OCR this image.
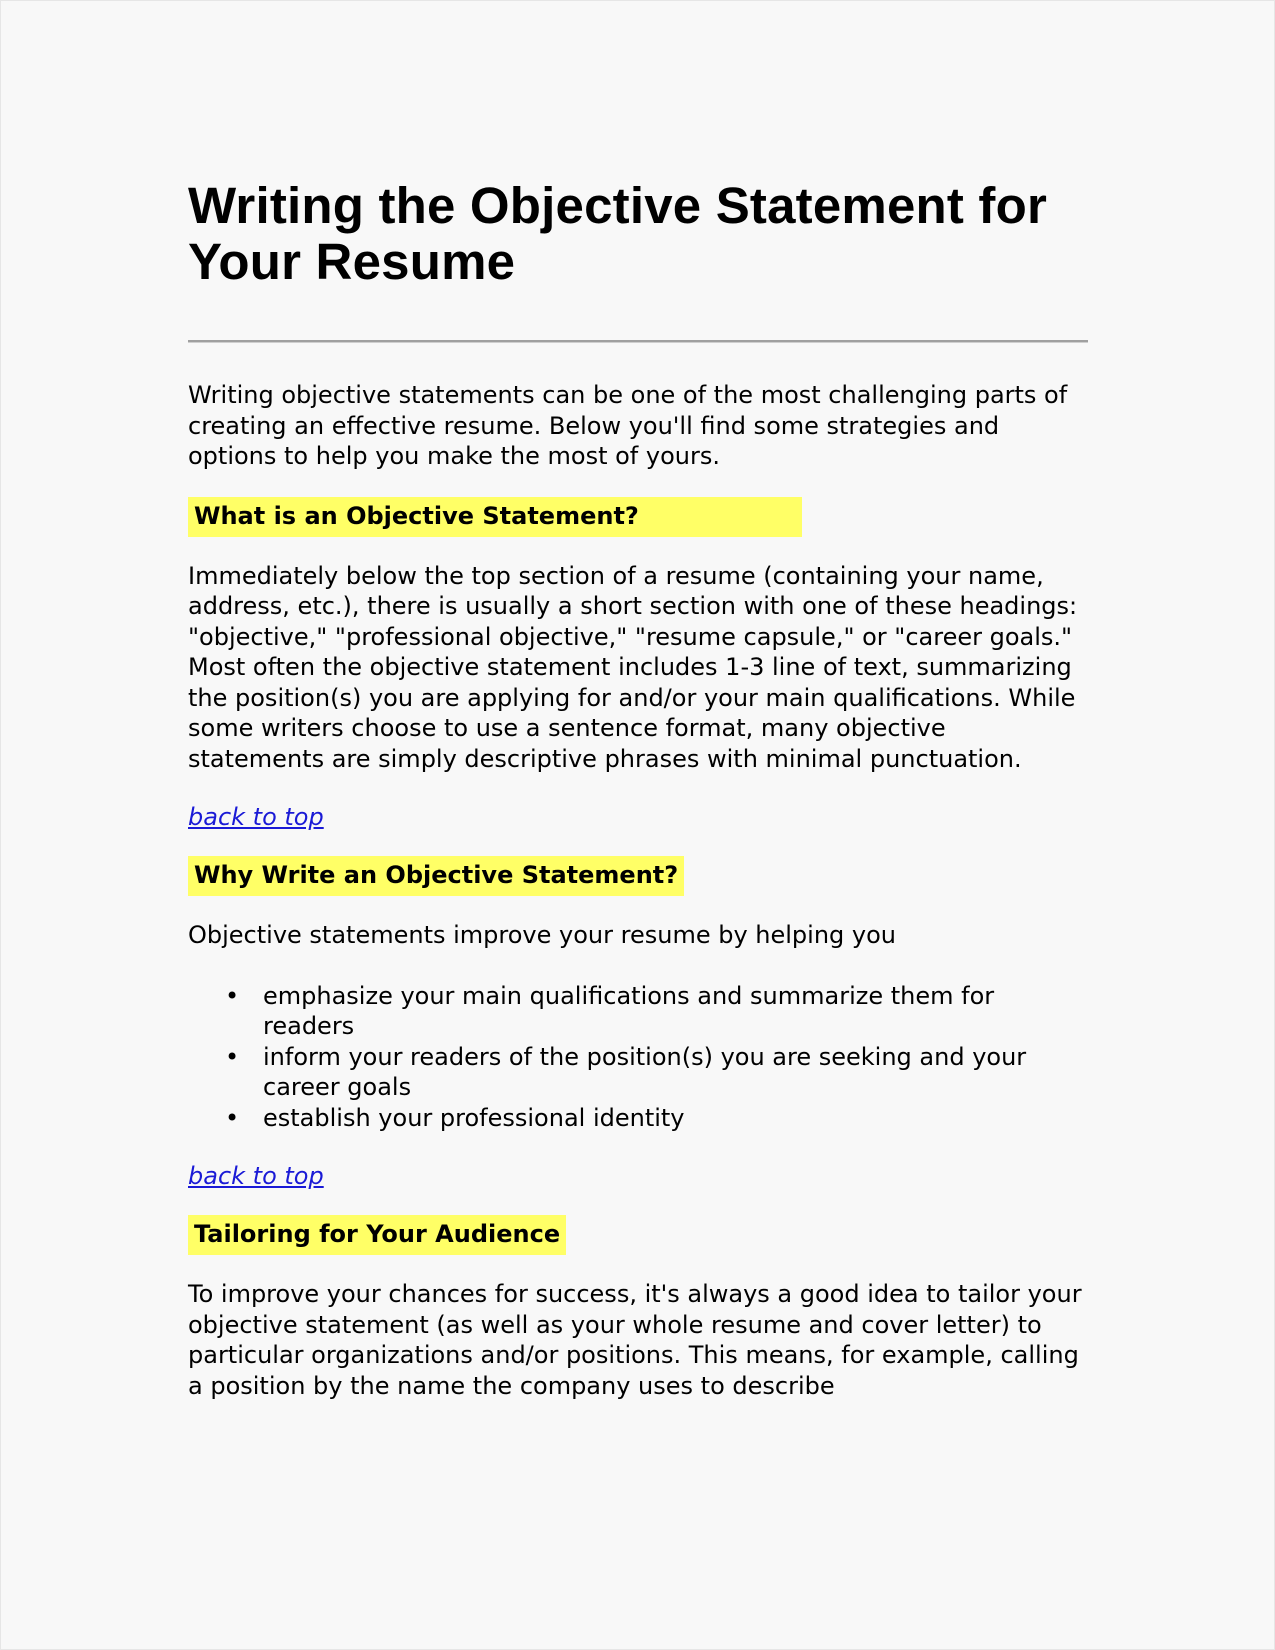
Writing the Objective Statement for Your Resume

Writing objective statements can be one of the most challenging parts of creating an effective resume. Below you'll find some strategies and options to help you make the most of yours.

What is an Objective Statement?

Immediately below the top section of a resume (containing your name, address, etc.), there is usually a short section with one of these headings: "objective," "professional objective," "resume capsule," or "career goals." Most often the objective statement includes 1-3 line of text, summarizing the position(s) you are applying for and/or your main qualifications. While some writers choose to use a sentence format, many objective statements are simply descriptive phrases with minimal punctuation.

back to top
Why Write an Objective Statement?

Objective statements improve your resume by helping you

• emphasize your main qualifications and summarize them for readers
• inform your readers of the position(s) you are seeking and your career goals
• establish your professional identity
back to top
Tailoring for Your Audience

To improve your chances for success, it's always a good idea to tailor your objective statement (as well as your whole resume and cover letter) to particular organizations and/or positions. This means, for example, calling a position by the name the company uses to describe
